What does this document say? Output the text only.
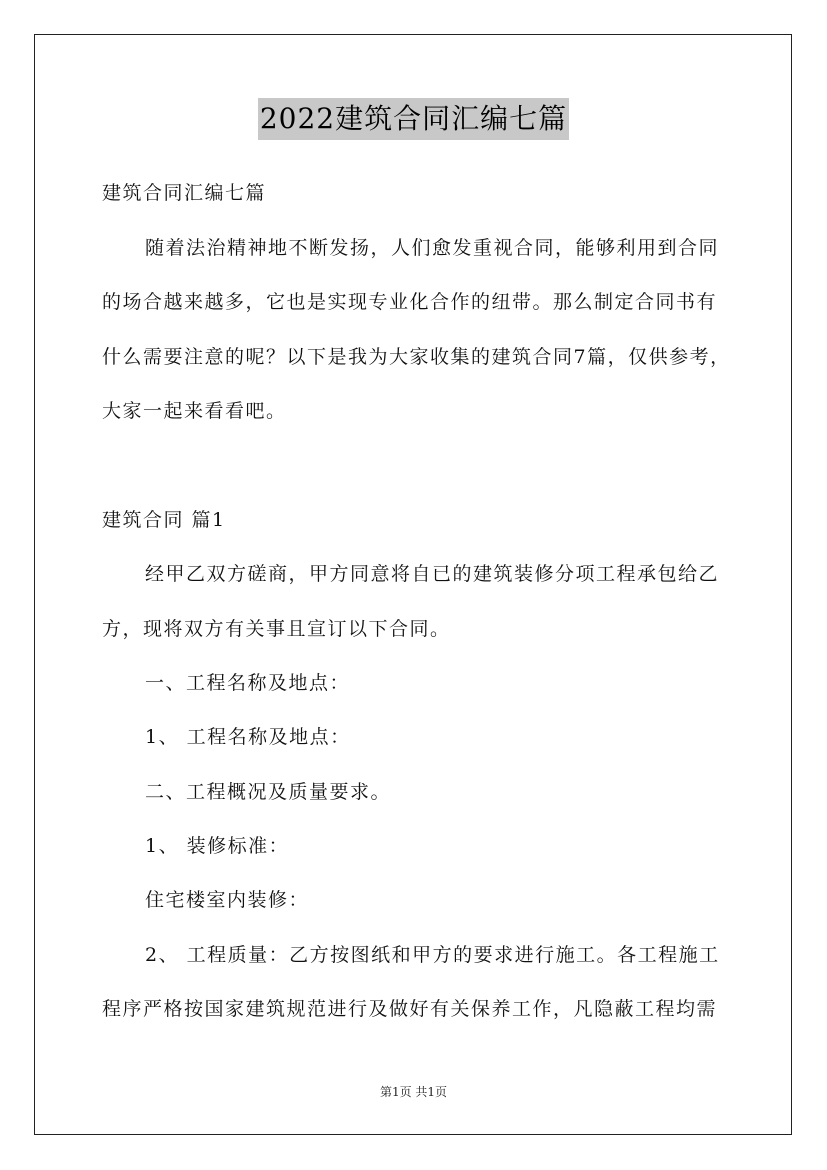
2022建筑合同汇编七篇
建筑合同汇编七篇
随着法治精神地不断发扬，人们愈发重视合同，能够利用到合同
的场合越来越多，它也是实现专业化合作的纽带。那么制定合同书有
什么需要注意的呢？以下是我为大家收集的建筑合同7篇，仅供参考，
大家一起来看看吧。
建筑合同 篇1
经甲乙双方磋商，甲方同意将自已的建筑装修分项工程承包给乙
方，现将双方有关事且宣订以下合同。
一、工程名称及地点：
1、 工程名称及地点：
二、工程概况及质量要求。
1、 装修标准：
住宅楼室内装修：
2、 工程质量：乙方按图纸和甲方的要求进行施工。各工程施工
程序严格按国家建筑规范进行及做好有关保养工作，凡隐蔽工程均需
第1页 共1页
